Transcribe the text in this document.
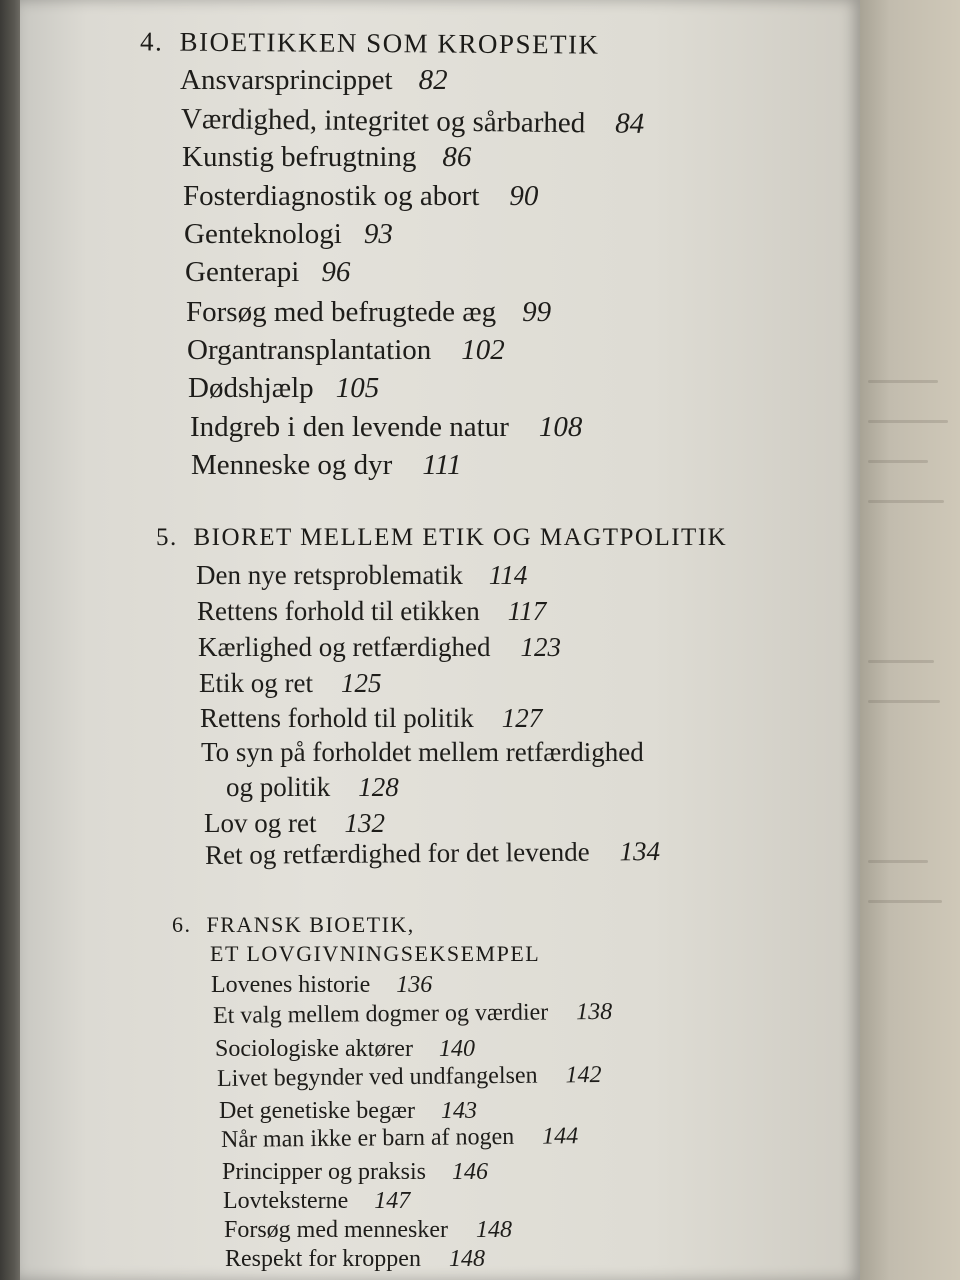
4. BIOETIKKEN SOM KROPSETIK
Ansvarsprincippet 82
Værdighed, integritet og sårbarhed 84
Kunstig befrugtning 86
Fosterdiagnostik og abort 90
Genteknologi 93
Genterapi 96
Forsøg med befrugtede æg 99
Organtransplantation 102
Dødshjælp 105
Indgreb i den levende natur 108
Menneske og dyr 111
5. BIORET MELLEM ETIK OG MAGTPOLITIK
Den nye retsproblematik 114
Rettens forhold til etikken 117
Kærlighed og retfærdighed 123
Etik og ret 125
Rettens forhold til politik 127
To syn på forholdet mellem retfærdighed
og politik 128
Lov og ret 132
Ret og retfærdighed for det levende 134
6. FRANSK BIOETIK,
ET LOVGIVNINGSEKSEMPEL
Lovenes historie 136
Et valg mellem dogmer og værdier 138
Sociologiske aktører 140
Livet begynder ved undfangelsen 142
Det genetiske begær 143
Når man ikke er barn af nogen 144
Principper og praksis 146
Lovteksterne 147
Forsøg med mennesker 148
Respekt for kroppen 148
